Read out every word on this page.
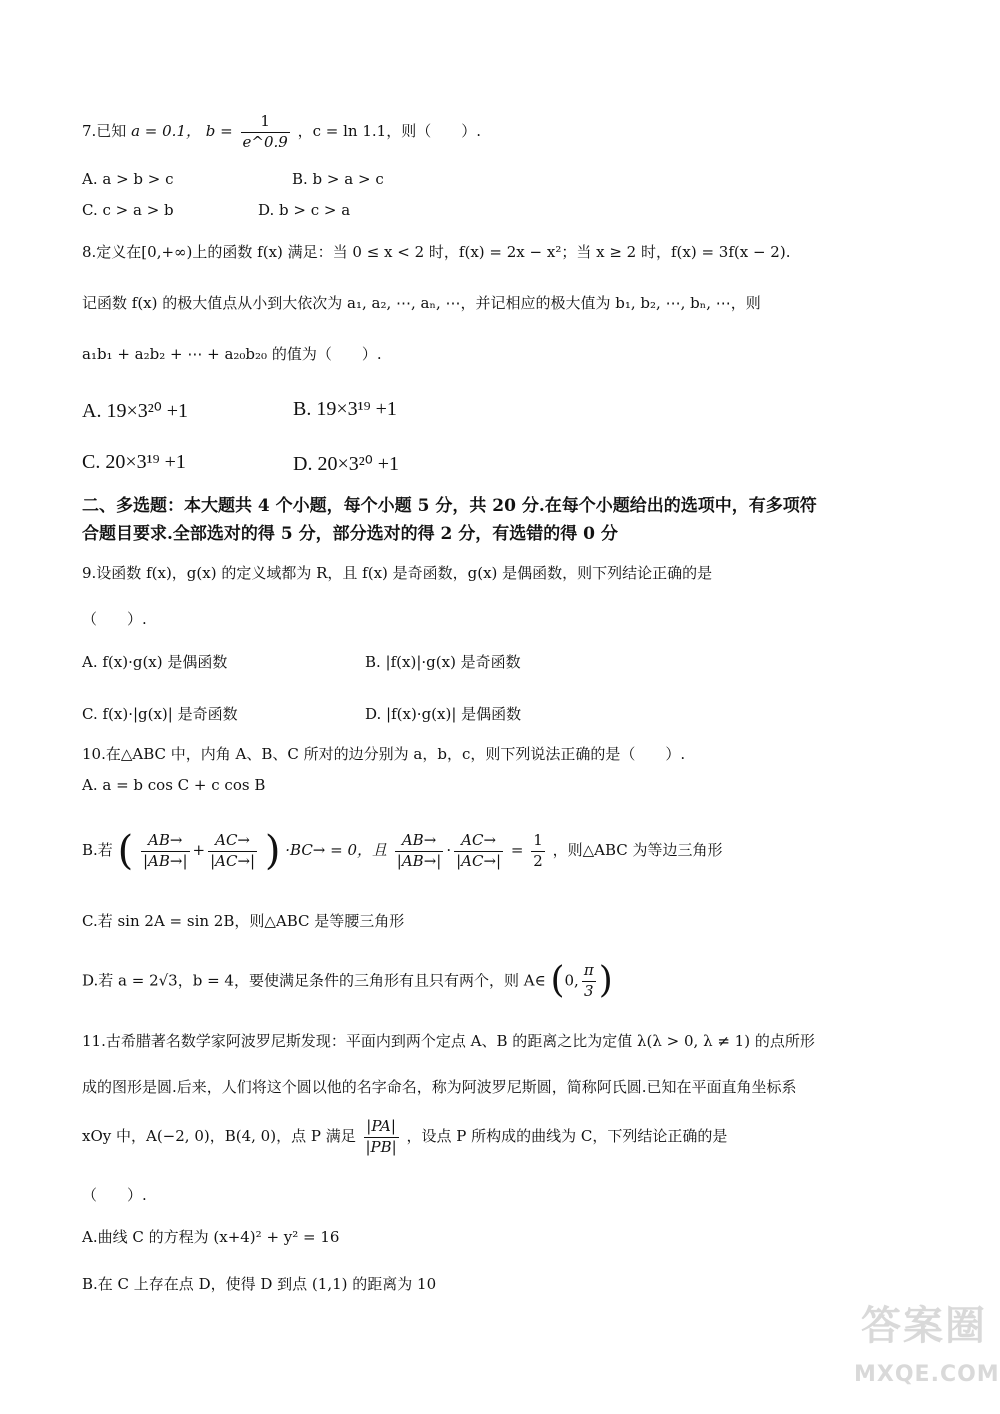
7.已知 a = 0.1， $b = \frac{1}{e\^{}0.9}$ ，c = ln 1.1，则（　　）.
A. a > b > c	B. b > a > c
C. c > a > b	D. b > c > a
8.定义在[0,+∞)上的函数 f(x) 满足：当 0 ≤ x < 2 时，f(x) = 2x − x²；当 x ≥ 2 时，f(x) = 3f(x − 2).
记函数 f(x) 的极大值点从小到大依次为 a₁, a₂, ⋯, aₙ, ⋯，并记相应的极大值为 b₁, b₂, ⋯, bₙ, ⋯，则
a₁b₁ + a₂b₂ + ⋯ + a₂₀b₂₀ 的值为（　　）.
A. 19×3²⁰ +1	B. 19×3¹⁹ +1
C. 20×3¹⁹ +1	D. 20×3²⁰ +1
二、多选题：本大题共 4 个小题，每个小题 5 分，共 20 分.在每个小题给出的选项中，有多项符
合题目要求.全部选对的得 5 分，部分选对的得 2 分，有选错的得 0 分
9.设函数 f(x)，g(x) 的定义域都为 R，且 f(x) 是奇函数，g(x) 是偶函数，则下列结论正确的是
（　　）.
A. f(x)·g(x) 是偶函数	B. |f(x)|·g(x) 是奇函数
C. f(x)·|g(x)| 是奇函数	D. |f(x)·g(x)| 是偶函数
10.在△ABC 中，内角 A、B、C 所对的边分别为 a，b，c，则下列说法正确的是（　　）.
A. a = b cos C + c cos B
B.若 ( $\frac{AB\to}{|AB\to|} + \frac{AC\to}{|AC\to|}$ ) ·BC→ = 0，且 $\frac{AB\to}{|AB\to|} \cdot \frac{AC\to}{|AC\to|} = \frac{1}{2}$ ，则△ABC 为等边三角形
C.若 sin 2A = sin 2B，则△ABC 是等腰三角形
D.若 a = 2√3，b = 4，要使满足条件的三角形有且只有两个，则 A∈ (0, $\frac{\pi}{3}$ )
11.古希腊著名数学家阿波罗尼斯发现：平面内到两个定点 A、B 的距离之比为定值 λ(λ > 0, λ ≠ 1) 的点所形
成的图形是圆.后来，人们将这个圆以他的名字命名，称为阿波罗尼斯圆，简称阿氏圆.已知在平面直角坐标系
xOy 中，A(−2, 0)，B(4, 0)，点 P 满足 $\frac{|PA|}{|PB|}$ ，设点 P 所构成的曲线为 C，下列结论正确的是
（　　）.
A.曲线 C 的方程为 (x+4)² + y² = 16
B.在 C 上存在点 D，使得 D 到点 (1,1) 的距离为 10
答案圈
MXQE.COM
